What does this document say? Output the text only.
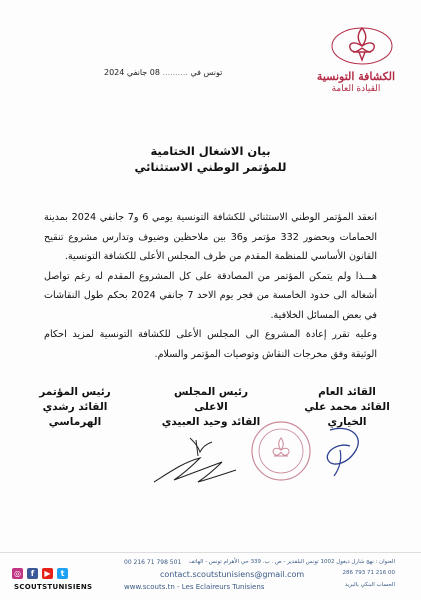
الكشافة التونسية
القيادة العامة
تونس في .......... 08 جانفي 2024
بيان الاشغال الختامية
للمؤتمر الوطني الاستثنائي

انعقد المؤتمر الوطني الاستثنائي للكشافة التونسية يومي 6 و7 جانفي 2024 بمدينة الحمامات وبحضور 332 مؤتمر و36 بين ملاحظين وضيوف وتدارس مشروع تنقيح القانون الأساسي للمنظمة المقدم من طرف المجلس الأعلى للكشافة التونسية.

هـــذا ولم يتمكن المؤتمر من المصادقة على كل المشروع المقدم له رغم تواصل أشغاله الى حدود الخامسة من فجر يوم الاحد 7 جانفي 2024 بحكم طول النقاشات في بعض المسائل الخلافية.

وعليه تقرر إعادة المشروع الى المجلس الأعلى للكشافة التونسية لمزيد احكام الوثيقة وفق مخرجات النقاش وتوصيات المؤتمر والسلام.

القائد العام
القائد محمد علي الخياري
رئيس المجلس الاعلى
القائد وحيد العبيدي
رئيس المؤتمر
القائد رشدي الهرماسي
◎	f	▶	t
SCOUTSTUNISIENS
00 216 71 798 501
contact.scoutstunisiens@gmail.com
www.scouts.tn - Les Eclaireurs Tunisiens
العنوان : نهج شارل ديغول 1002 تونس البلفدير - ص . ب. 339 حي الأهرام تونس - الهاتف
00 216 71 793 286
الحساب البنكي بالبريد
